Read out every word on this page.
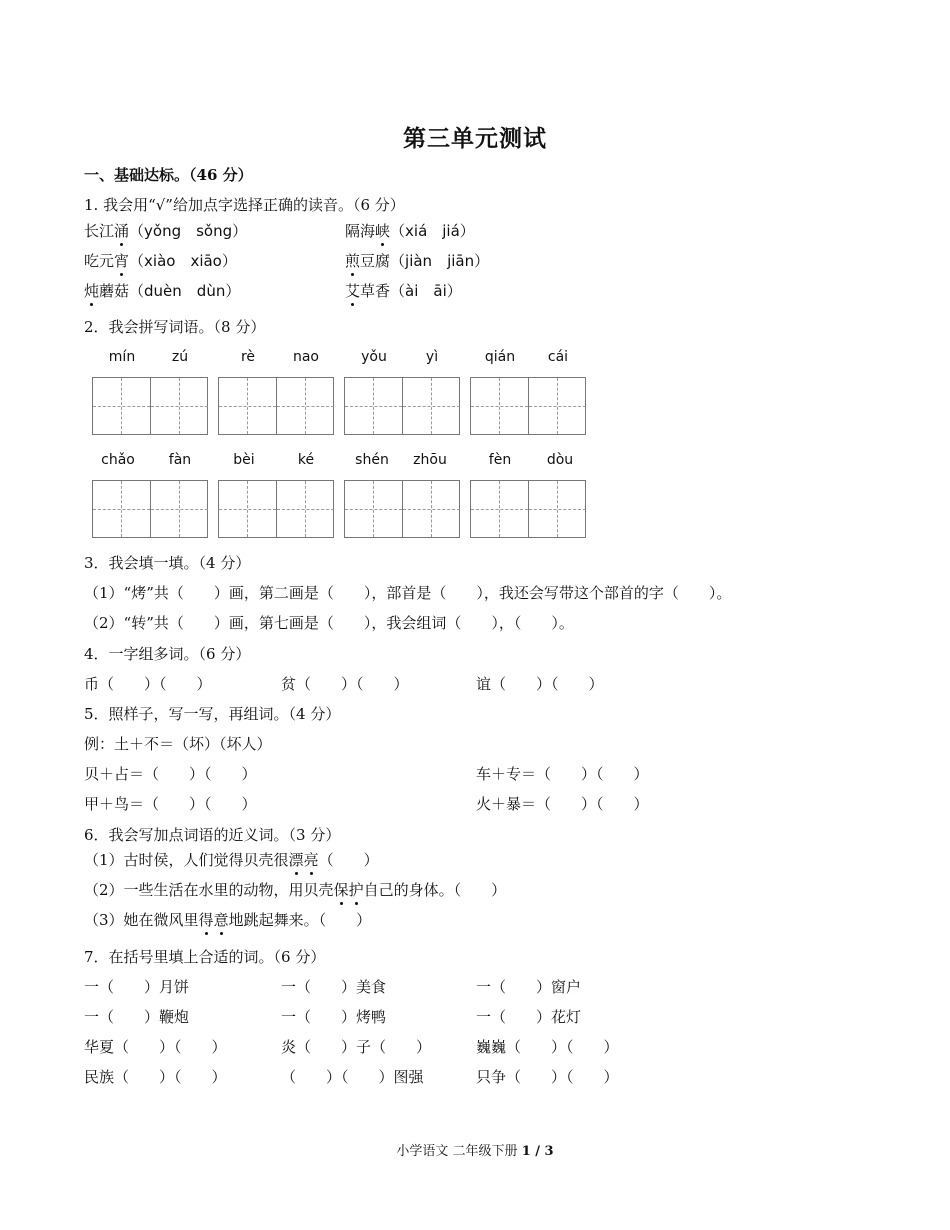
第三单元测试
一、基础达标。（46 分）
1. 我会用“√”给加点字选择正确的读音。（6 分）
长江涌（yǒng　sǒng）	隔海峡（xiá　jiá）
吃元宵（xiào　xiāo）	煎豆腐（jiàn　jiān）
炖蘑菇（duèn　dùn）	艾草香（ài　āi）
2．我会拼写词语。（8 分）
mín	zú	rè	nao	yǒu	yì	qián	cái
chǎo	fàn	bèi	ké	shén	zhōu	fèn	dòu
3．我会填一填。（4 分）
（1）“烤”共（　　）画，第二画是（　　），部首是（　　），我还会写带这个部首的字（　　）。
（2）“转”共（　　）画，第七画是（　　），我会组词（　　），（　　）。
4．一字组多词。（6 分）
币（　　）（　　）	贫（　　）（　　）	谊（　　）（　　）
5．照样子，写一写，再组词。（4 分）
例：土＋不＝（坏）（坏人）
贝＋占＝（　　）（　　）	车＋专＝（　　）（　　）
甲＋鸟＝（　　）（　　）	火＋暴＝（　　）（　　）
6．我会写加点词语的近义词。（3 分）
（1）古时侯，人们觉得贝壳很漂亮（　　）
（2）一些生活在水里的动物，用贝壳保护自己的身体。（　　）
（3）她在微风里得意地跳起舞来。（　　）
7．在括号里填上合适的词。（6 分）
一（　　）月饼	一（　　）美食	一（　　）窗户
一（　　）鞭炮	一（　　）烤鸭	一（　　）花灯
华夏（　　）（　　）	炎（　　）子（　　）	巍巍（　　）（　　）
民族（　　）（　　）	（　　）（　　）图强	只争（　　）（　　）
小学语文 二年级下册 1 / 3
